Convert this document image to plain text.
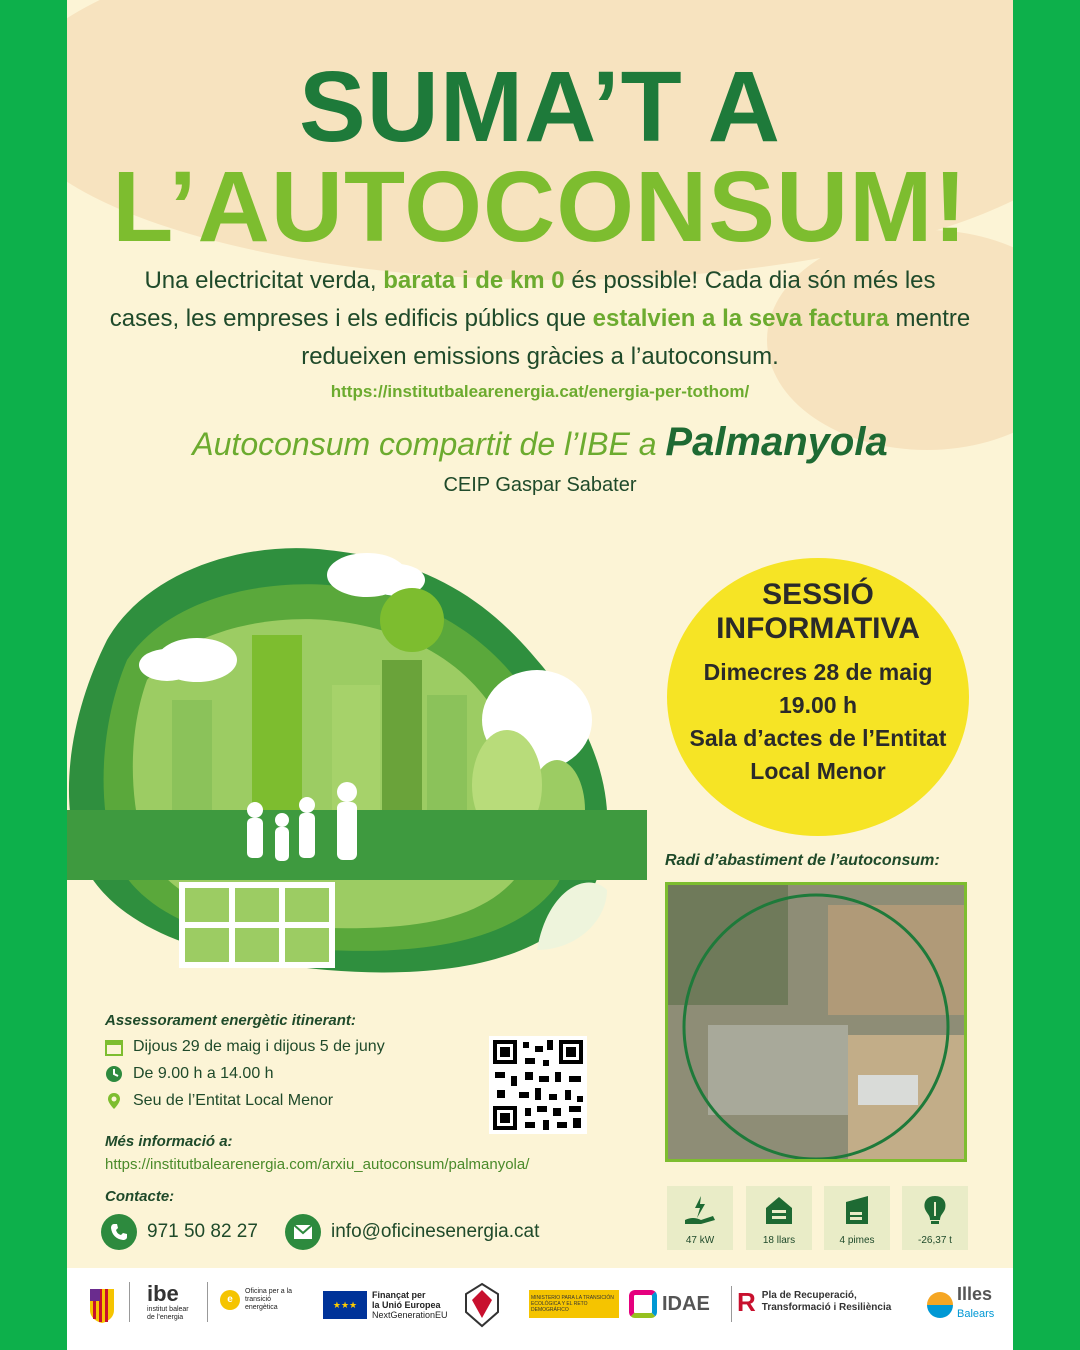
SUMA’T A
L’AUTOCONSUM!
Una electricitat verda, barata i de km 0 és possible! Cada dia són més les cases, les empreses i els edificis públics que estalvien a la seva factura mentre redueixen emissions gràcies a l’autoconsum.
https://institutbalearenergia.cat/energia-per-tothom/
Autoconsum compartit de l’IBE a Palmanyola
CEIP Gaspar Sabater
SESSIÓ
INFORMATIVA
Dimecres 28 de maig
19.00 h
Sala d’actes de l’Entitat
Local Menor
Radi d’abastiment de l’autoconsum:
47 kW	18 llars	4 pimes	-26,37 t
Assessorament energètic itinerant:
Dijous 29 de maig i dijous 5 de juny
De 9.00 h a 14.00 h
Seu de l’Entitat Local Menor
Més informació a:
https://institutbalearenergia.com/arxiu_autoconsum/palmanyola/
Contacte:
971 50 82 27	info@oficinesenergia.cat
ibe
institut balear de l’energia
e
Oficina per a la transició energètica	★★★
Finançat per
la Unió Europea
NextGenerationEU
MINISTERIO PARA LA TRANSICIÓN ECOLÓGICA Y EL RETO DEMOGRÁFICO	IDAE R Pla de Recuperació,
Transformació i Resiliència
Illes
Balears
